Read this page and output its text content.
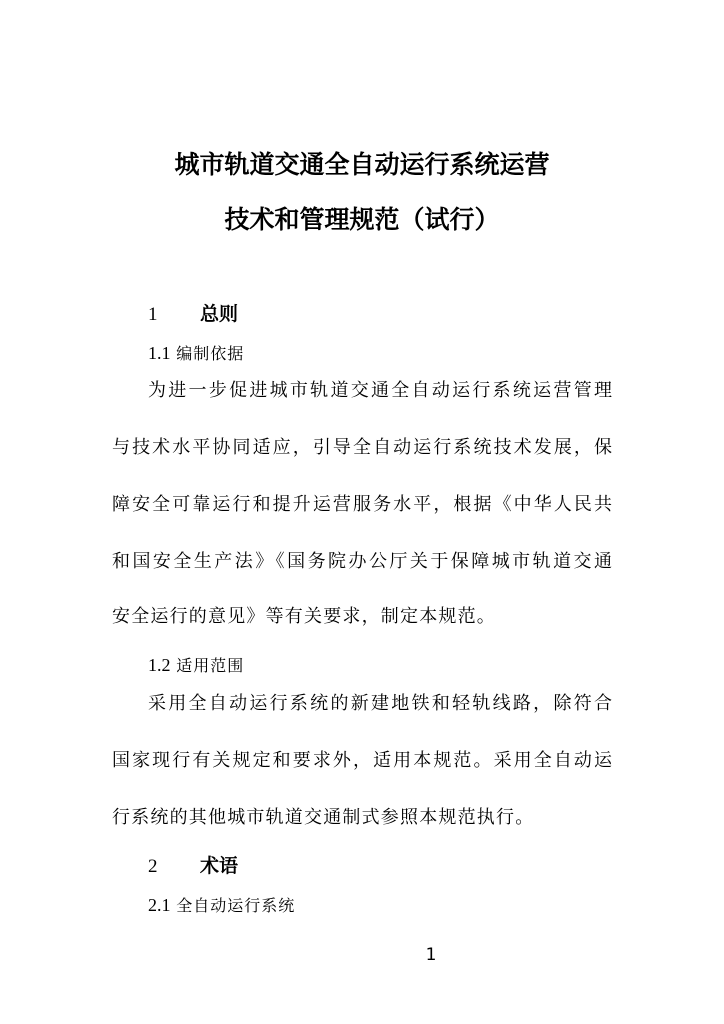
城市轨道交通全自动运行系统运营
技术和管理规范（试行）
1 总则
1.1 编制依据
为进一步促进城市轨道交通全自动运行系统运营管理
与技术水平协同适应，引导全自动运行系统技术发展，保
障安全可靠运行和提升运营服务水平，根据《中华人民共
和国安全生产法》《国务院办公厅关于保障城市轨道交通
安全运行的意见》等有关要求，制定本规范。
1.2 适用范围
采用全自动运行系统的新建地铁和轻轨线路，除符合
国家现行有关规定和要求外，适用本规范。采用全自动运
行系统的其他城市轨道交通制式参照本规范执行。
2 术语
2.1 全自动运行系统
1
